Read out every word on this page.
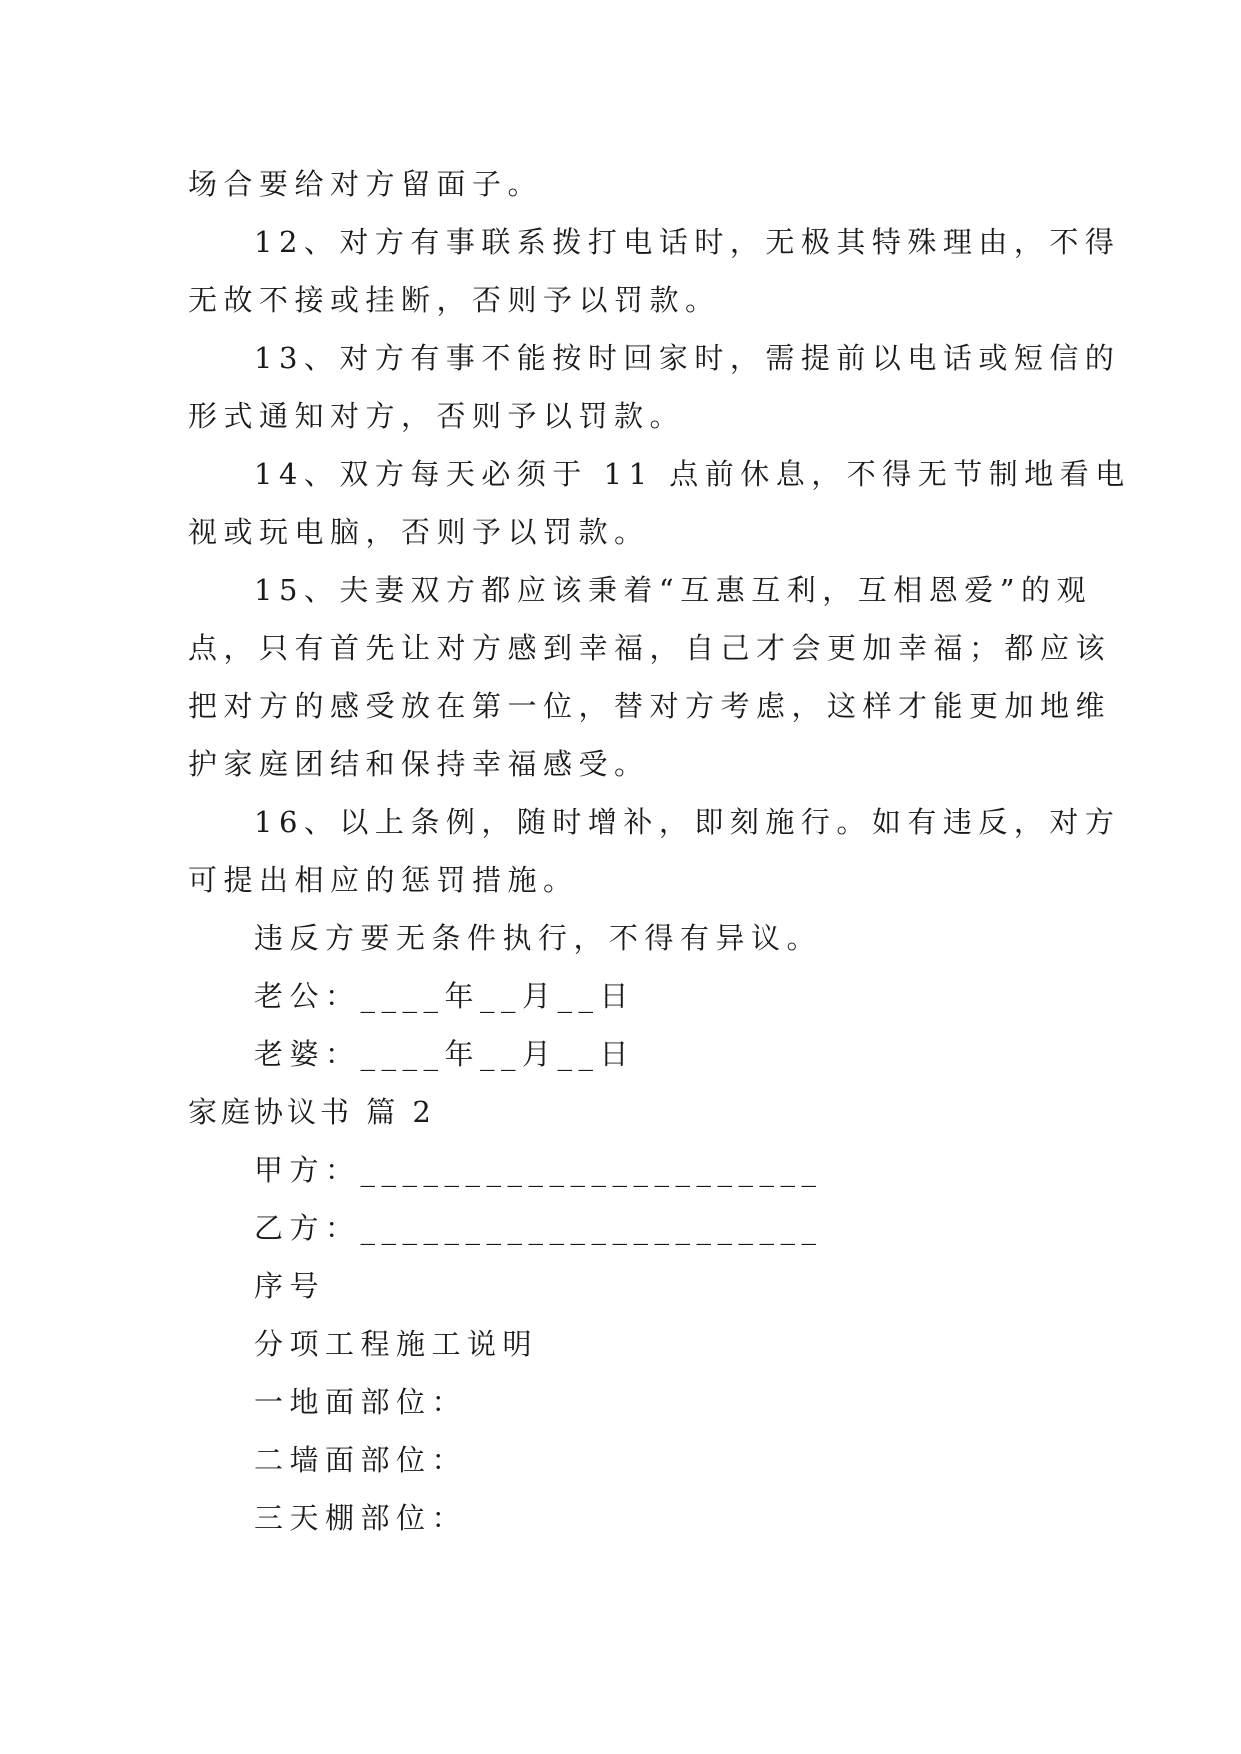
场合要给对方留面子。
12、对方有事联系拨打电话时，无极其特殊理由，不得
无故不接或挂断，否则予以罚款。
13、对方有事不能按时回家时，需提前以电话或短信的
形式通知对方，否则予以罚款。
14、双方每天必须于 11 点前休息，不得无节制地看电
视或玩电脑，否则予以罚款。
15、夫妻双方都应该秉着“互惠互利，互相恩爱”的观
点，只有首先让对方感到幸福，自己才会更加幸福；都应该
把对方的感受放在第一位，替对方考虑，这样才能更加地维
护家庭团结和保持幸福感受。
16、以上条例，随时增补，即刻施行。如有违反，对方
可提出相应的惩罚措施。
违反方要无条件执行，不得有异议。
老公：____年__月__日
老婆：____年__月__日
家庭协议书 篇 2
甲方：______________________
乙方：______________________
序号
分项工程施工说明
一地面部位：
二墙面部位：
三天棚部位：
